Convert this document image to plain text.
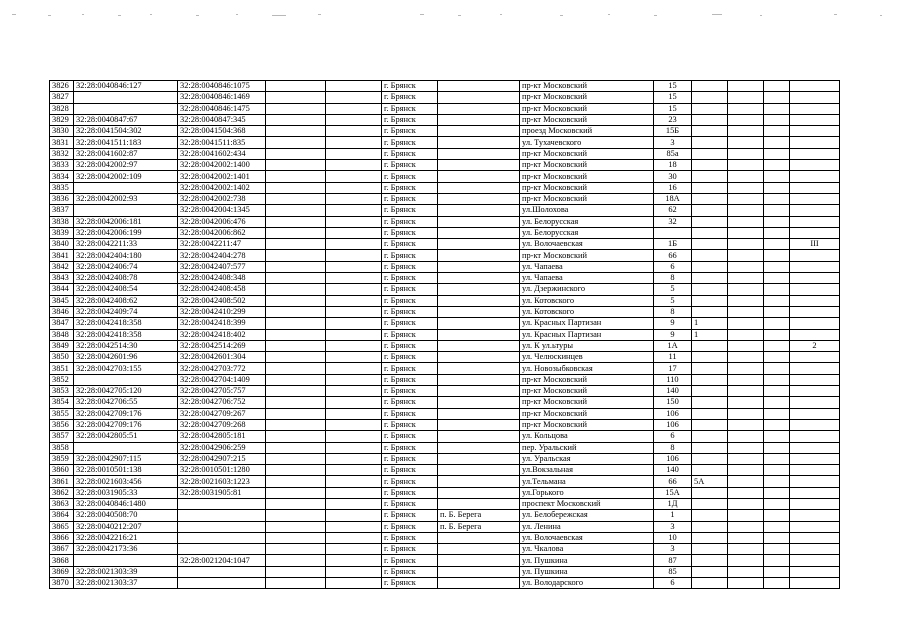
3826	32:28:0040846:127	32:28:0040846:1075			г. Брянск		пр-кт Московский	15				
3827		32:28:0040846:1469			г. Брянск		пр-кт Московский	15				
3828		32:28:0040846:1475			г. Брянск		пр-кт Московский	15				
3829	32:28:0040847:67	32:28:0040847:345			г. Брянск		пр-кт Московский	23				
3830	32:28:0041504:302	32:28:0041504:368			г. Брянск		проезд Московский	15Б				
3831	32:28:0041511:183	32:28:0041511:835			г. Брянск		ул. Тухачевского	3				
3832	32:28:0041602:87	32:28:0041602:434			г. Брянск		пр-кт Московский	85а				
3833	32:28:0042002:97	32:28:0042002:1400			г. Брянск		пр-кт Московский	18				
3834	32:28:0042002:109	32:28:0042002:1401			г. Брянск		пр-кт Московский	30				
3835		32:28:0042002:1402			г. Брянск		пр-кт Московский	16				
3836	32:28:0042002:93	32:28:0042002:738			г. Брянск		пр-кт Московский	18А				
3837		32:28:0042004:1345			г. Брянск		ул.Шолохова	62				
3838	32:28:0042006:181	32:28:0042006:476			г. Брянск		ул. Белорусская	32				
3839	32:28:0042006:199	32:28:0042006:862			г. Брянск		ул. Белорусская					
3840	32:28:0042211:33	32:28:0042211:47			г. Брянск		ул. Волочаевская	1Б				III
3841	32:28:0042404:180	32:28:0042404:278			г. Брянск		пр-кт Московский	66				
3842	32:28:0042406:74	32:28:0042407:577			г. Брянск		ул. Чапаева	6				
3843	32:28:0042408:78	32:28:0042408:348			г. Брянск		ул. Чапаева	8				
3844	32:28:0042408:54	32:28:0042408:458			г. Брянск		ул. Дзержинского	5				
3845	32:28:0042408:62	32:28:0042408:502			г. Брянск		ул. Котовского	5				
3846	32:28:0042409:74	32:28:0042410:299			г. Брянск		ул. Котовского	8				
3847	32:28:0042418:358	32:28:0042418:399			г. Брянск		ул. Красных Партизан	9	1			
3848	32:28:0042418:358	32:28:0042418:402			г. Брянск		ул. Красных Партизан	9	1			
3849	32:28:0042514:30	32:28:0042514:269			г. Брянск		ул. К ул.ьтуры	1А				2
3850	32:28:0042601:96	32:28:0042601:304			г. Брянск		ул. Челюскинцев	11				
3851	32:28:0042703:155	32:28:0042703:772			г. Брянск		ул. Новозыбковская	17				
3852		32:28:0042704:1409			г. Брянск		пр-кт Московский	110				
3853	32:28:0042705:120	32:28:0042705:757			г. Брянск		пр-кт Московский	140				
3854	32:28:0042706:55	32:28:0042706:752			г. Брянск		пр-кт Московский	150				
3855	32:28:0042709:176	32:28:0042709:267			г. Брянск		пр-кт Московский	106				
3856	32:28:0042709:176	32:28:0042709:268			г. Брянск		пр-кт Московский	106				
3857	32:28:0042805:51	32:28:0042805:181			г. Брянск		ул. Кольцова	6				
3858		32:28:0042906:259			г. Брянск		пер. Уральский	8				
3859	32:28:0042907:115	32:28:0042907:215			г. Брянск		ул. Уральская	106				
3860	32:28:0010501:138	32:28:0010501:1280			г. Брянск		ул.Вокзальная	140				
3861	32:28:0021603:456	32:28:0021603:1223			г. Брянск		ул.Тельмана	66	5А			
3862	32:28:0031905:33	32:28:0031905:81			г. Брянск		ул.Горького	15А				
3863	32:28:0040846:1480				г. Брянск		проспект Московский	1Д				
3864	32:28:0040508:70				г. Брянск	п. Б. Берега	ул. Белобережская	1				
3865	32:28:0040212:207				г. Брянск	п. Б. Берега	ул. Ленина	3				
3866	32:28:0042216:21				г. Брянск		ул. Волочаевская	10				
3867	32:28:0042173:36				г. Брянск		ул. Чкалова	3				
3868		32:28:0021204:1047			г. Брянск		ул. Пушкина	87				
3869	32:28:0021303:39				г. Брянск		ул. Пушкина	85				
3870	32:28:0021303:37				г. Брянск		ул. Володарского	6				
